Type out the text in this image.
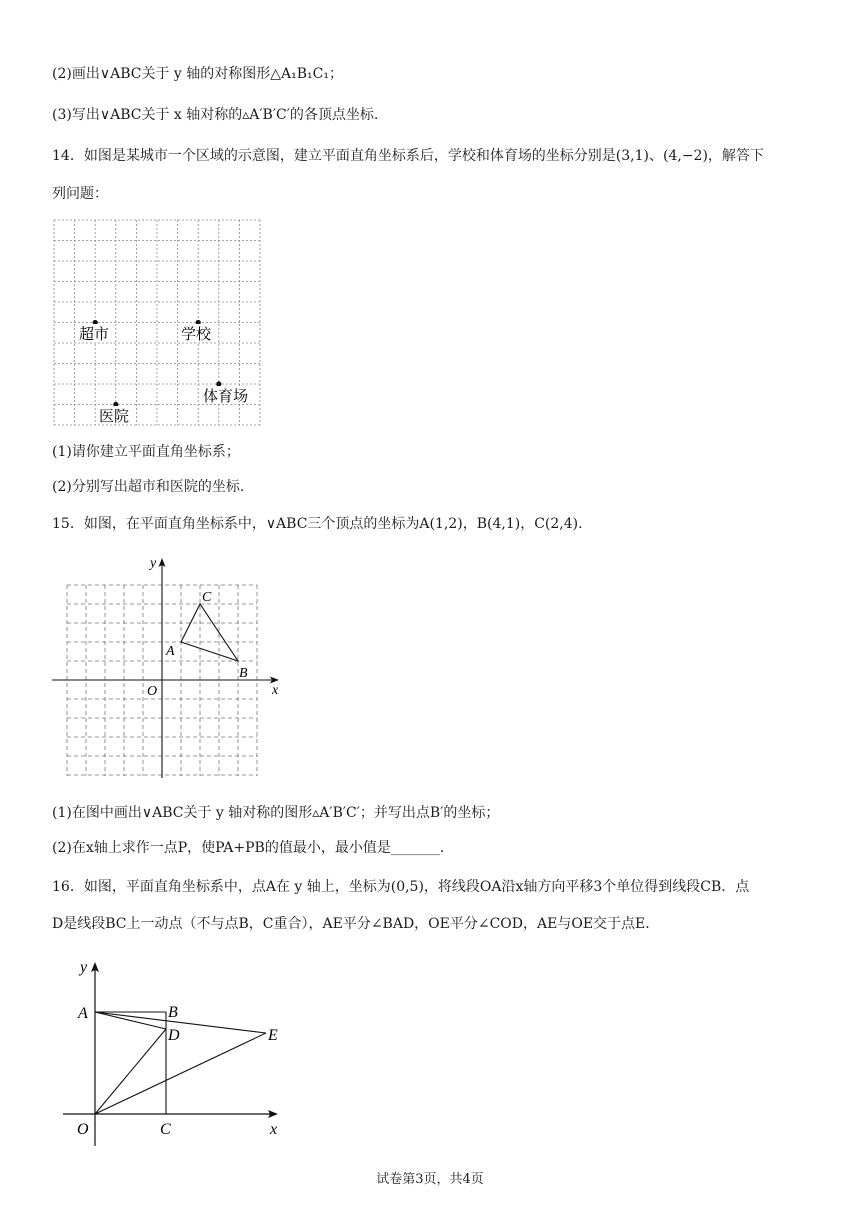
(2)画出∨ABC关于 y 轴的对称图形△A₁B₁C₁；
(3)写出∨ABC关于 x 轴对称的▵A′B′C′的各顶点坐标.
14．如图是某城市一个区域的示意图，建立平面直角坐标系后，学校和体育场的坐标分别是(3,1)、(4,−2)，解答下
列问题：
超市	学校
体育场
医院
(1)请你建立平面直角坐标系；
(2)分别写出超市和医院的坐标.
15．如图，在平面直角坐标系中，∨ABC三个顶点的坐标为A(1,2)，B(4,1)，C(2,4).
y
x
O
A
B
C
(1)在图中画出∨ABC关于 y 轴对称的图形▵A′B′C′；并写出点B′的坐标；
(2)在x轴上求作一点P，使PA+PB的值最小，最小值是_______.
16．如图，平面直角坐标系中，点A在 y 轴上，坐标为(0,5)，将线段OA沿x轴方向平移3个单位得到线段CB．点
D是线段BC上一动点（不与点B，C重合），AE平分∠BAD，OE平分∠COD，AE与OE交于点E.
y
x
O
A	B
C
D	E
试卷第3页，共4页
